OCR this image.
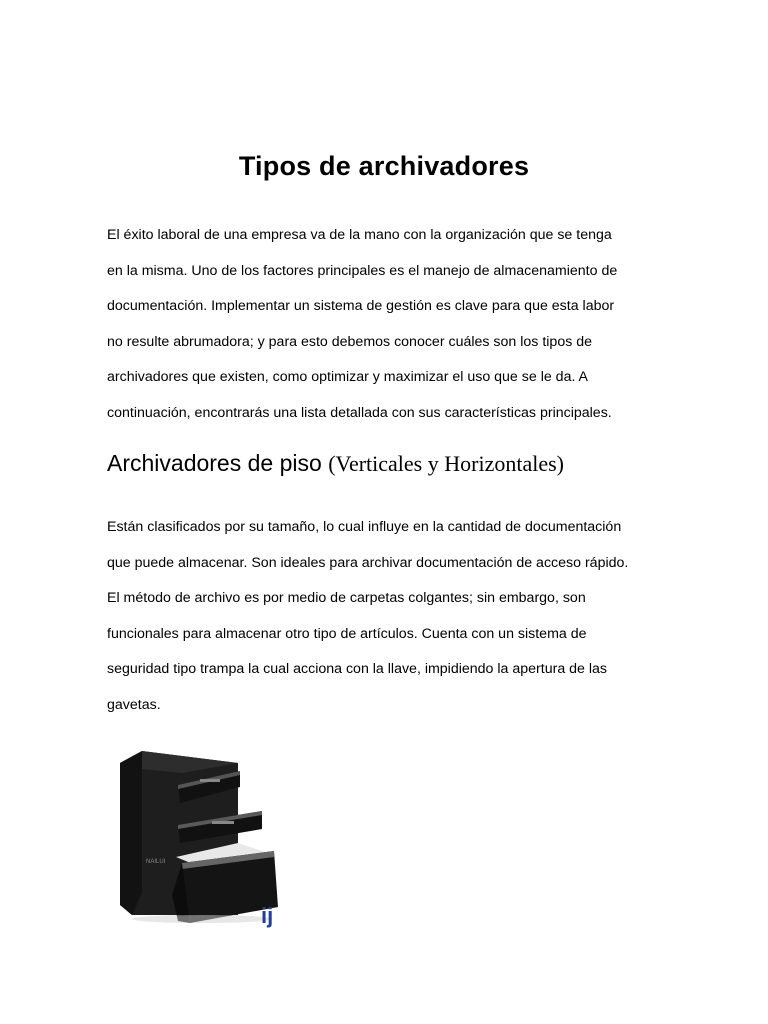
Tipos de archivadores

El éxito laboral de una empresa va de la mano con la organización que se tenga
en la misma. Uno de los factores principales es el manejo de almacenamiento de
documentación. Implementar un sistema de gestión es clave para que esta labor
no resulte abrumadora; y para esto debemos conocer cuáles son los tipos de
archivadores que existen, como optimizar y maximizar el uso que se le da. A
continuación, encontrarás una lista detallada con sus características principales.

Archivadores de piso (Verticales y Horizontales)

Están clasificados por su tamaño, lo cual influye en la cantidad de documentación
que puede almacenar. Son ideales para archivar documentación de acceso rápido.
El método de archivo es por medio de carpetas colgantes; sin embargo, son
funcionales para almacenar otro tipo de artículos. Cuenta con un sistema de
seguridad tipo trampa la cual acciona con la llave, impidiendo la apertura de las
gavetas.

NAILUI
ij
